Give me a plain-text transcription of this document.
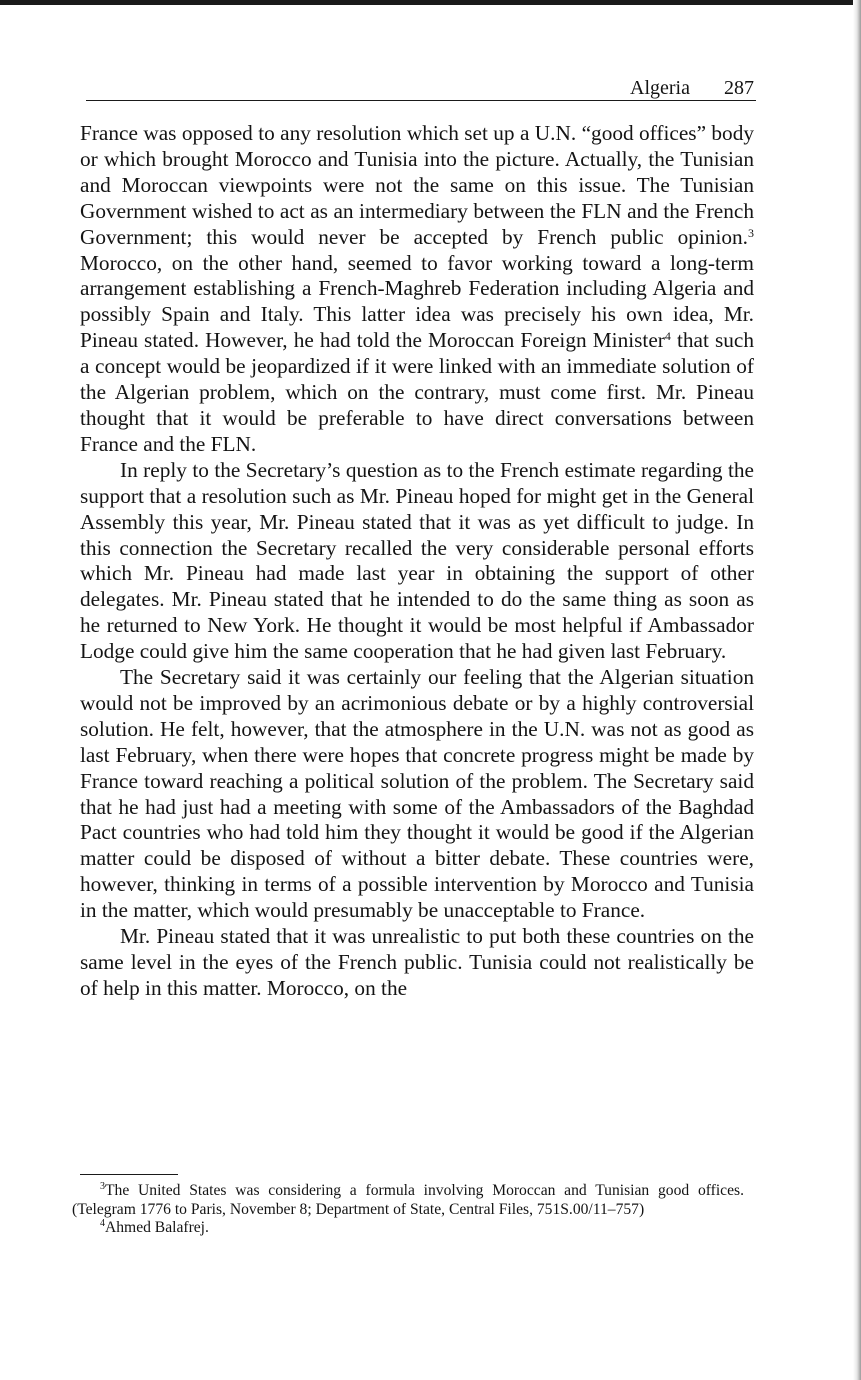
Algeria 287

France was opposed to any resolution which set up a U.N. “good offices” body or which brought Morocco and Tunisia into the picture. Actually, the Tunisian and Moroccan viewpoints were not the same on this issue. The Tunisian Government wished to act as an intermediary between the FLN and the French Government; this would never be accepted by French public opinion.$^3$ Morocco, on the other hand, seemed to favor working toward a long-term arrangement establishing a French-Maghreb Federation including Algeria and possibly Spain and Italy. This latter idea was precisely his own idea, Mr. Pineau stated. However, he had told the Moroccan Foreign Minister$^4$ that such a concept would be jeopardized if it were linked with an immediate solution of the Algerian problem, which on the contrary, must come first. Mr. Pineau thought that it would be preferable to have direct conversations between France and the FLN.

In reply to the Secretary’s question as to the French estimate regarding the support that a resolution such as Mr. Pineau hoped for might get in the General Assembly this year, Mr. Pineau stated that it was as yet difficult to judge. In this connection the Secretary recalled the very considerable personal efforts which Mr. Pineau had made last year in obtaining the support of other delegates. Mr. Pineau stated that he intended to do the same thing as soon as he returned to New York. He thought it would be most helpful if Ambassador Lodge could give him the same cooperation that he had given last February.

The Secretary said it was certainly our feeling that the Algerian situation would not be improved by an acrimonious debate or by a highly controversial solution. He felt, however, that the atmosphere in the U.N. was not as good as last February, when there were hopes that concrete progress might be made by France toward reaching a political solution of the problem. The Secretary said that he had just had a meeting with some of the Ambassadors of the Baghdad Pact countries who had told him they thought it would be good if the Algerian matter could be disposed of without a bitter debate. These countries were, however, thinking in terms of a possible intervention by Morocco and Tunisia in the matter, which would presumably be unacceptable to France.

Mr. Pineau stated that it was unrealistic to put both these countries on the same level in the eyes of the French public. Tunisia could not realistically be of help in this matter. Morocco, on the

$^3$The United States was considering a formula involving Moroccan and Tunisian good offices. (Telegram 1776 to Paris, November 8; Department of State, Central Files, 751S.00/11–757)

$^4$Ahmed Balafrej.
